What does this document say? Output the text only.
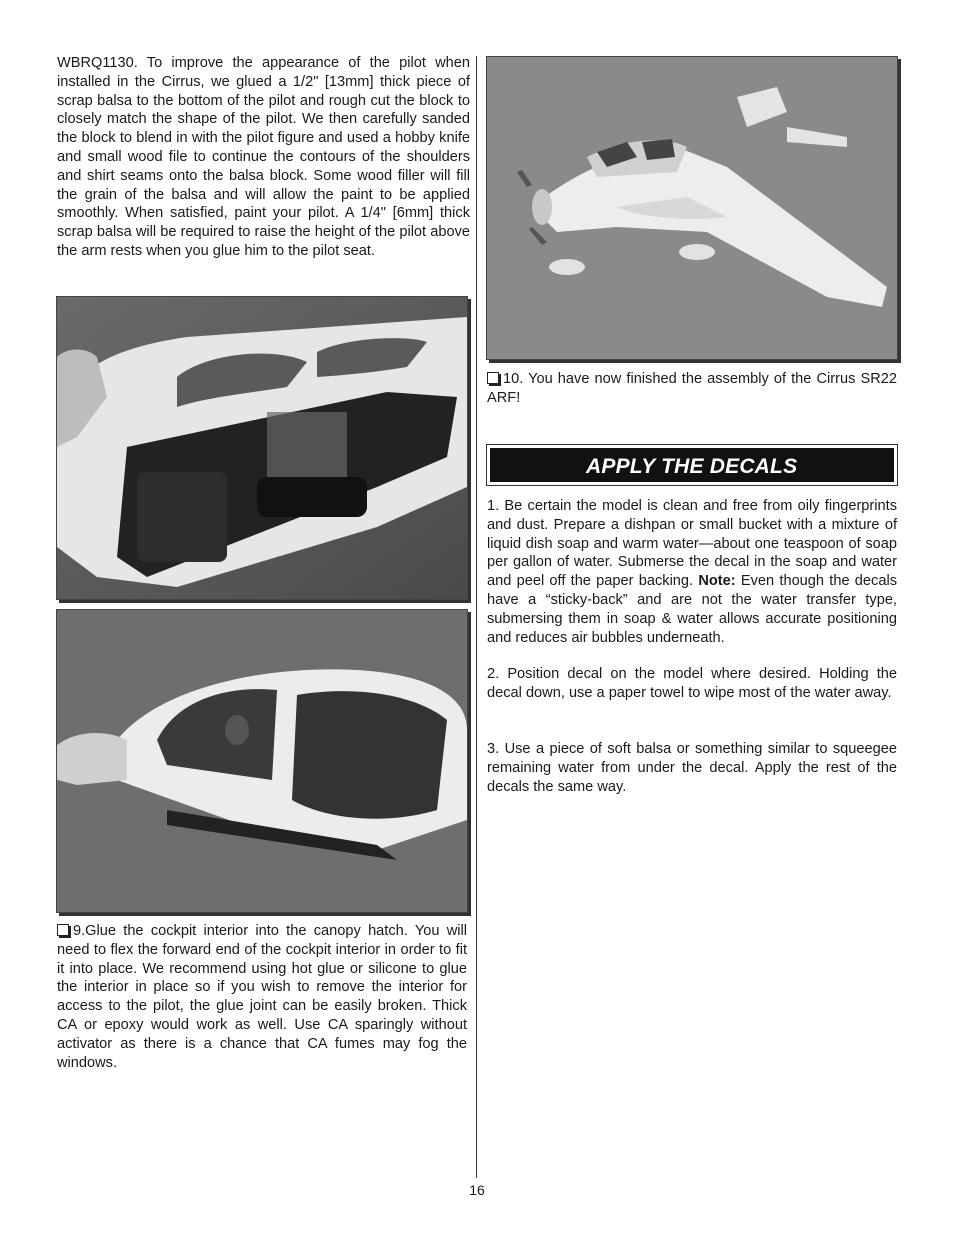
WBRQ1130. To improve the appearance of the pilot when installed in the Cirrus, we glued a 1/2" [13mm] thick piece of scrap balsa to the bottom of the pilot and rough cut the block to closely match the shape of the pilot. We then carefully sanded the block to blend in with the pilot figure and used a hobby knife and small wood file to continue the contours of the shoulders and shirt seams onto the balsa block. Some wood filler will fill the grain of the balsa and will allow the paint to be applied smoothly. When satisfied, paint your pilot. A 1/4" [6mm] thick scrap balsa will be required to raise the height of the pilot above the arm rests when you glue him to the pilot seat.

9.Glue the cockpit interior into the canopy hatch. You will need to flex the forward end of the cockpit interior in order to fit it into place. We recommend using hot glue or silicone to glue the interior in place so if you wish to remove the interior for access to the pilot, the glue joint can be easily broken. Thick CA or epoxy would work as well. Use CA sparingly without activator as there is a chance that CA fumes may fog the windows.

10. You have now finished the assembly of the Cirrus SR22 ARF!

APPLY THE DECALS

1. Be certain the model is clean and free from oily fingerprints and dust. Prepare a dishpan or small bucket with a mixture of liquid dish soap and warm water—about one teaspoon of soap per gallon of water. Submerse the decal in the soap and water and peel off the paper backing. Note: Even though the decals have a “sticky-back” and are not the water transfer type, submersing them in soap & water allows accurate positioning and reduces air bubbles underneath.

2. Position decal on the model where desired. Holding the decal down, use a paper towel to wipe most of the water away.

3. Use a piece of soft balsa or something similar to squeegee remaining water from under the decal. Apply the rest of the decals the same way.

16
